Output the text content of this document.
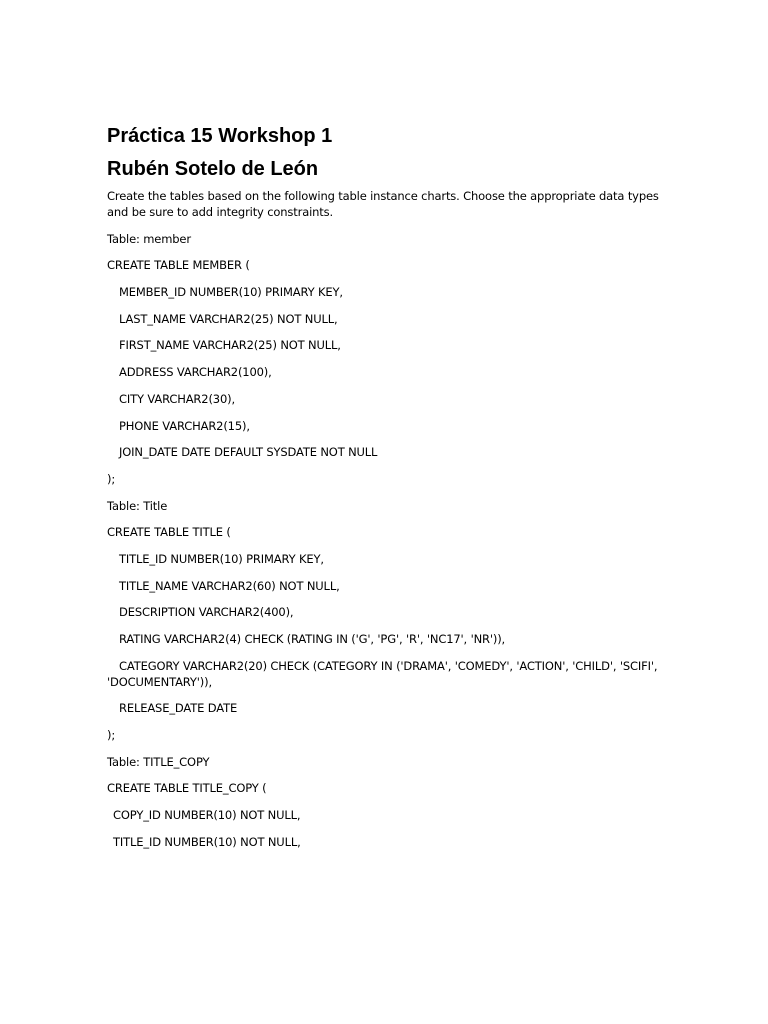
Práctica 15 Workshop 1
Rubén Sotelo de León
Create the tables based on the following table instance charts. Choose the appropriate data types and be sure to add integrity constraints.
Table: member
CREATE TABLE MEMBER (
MEMBER_ID NUMBER(10) PRIMARY KEY,
LAST_NAME VARCHAR2(25) NOT NULL,
FIRST_NAME VARCHAR2(25) NOT NULL,
ADDRESS VARCHAR2(100),
CITY VARCHAR2(30),
PHONE VARCHAR2(15),
JOIN_DATE DATE DEFAULT SYSDATE NOT NULL
);
Table: Title
CREATE TABLE TITLE (
TITLE_ID NUMBER(10) PRIMARY KEY,
TITLE_NAME VARCHAR2(60) NOT NULL,
DESCRIPTION VARCHAR2(400),
RATING VARCHAR2(4) CHECK (RATING IN ('G', 'PG', 'R', 'NC17', 'NR')),
CATEGORY VARCHAR2(20) CHECK (CATEGORY IN ('DRAMA', 'COMEDY', 'ACTION', 'CHILD', 'SCIFI', 'DOCUMENTARY')),
RELEASE_DATE DATE
);
Table: TITLE_COPY
CREATE TABLE TITLE_COPY (
COPY_ID NUMBER(10) NOT NULL,
TITLE_ID NUMBER(10) NOT NULL,
